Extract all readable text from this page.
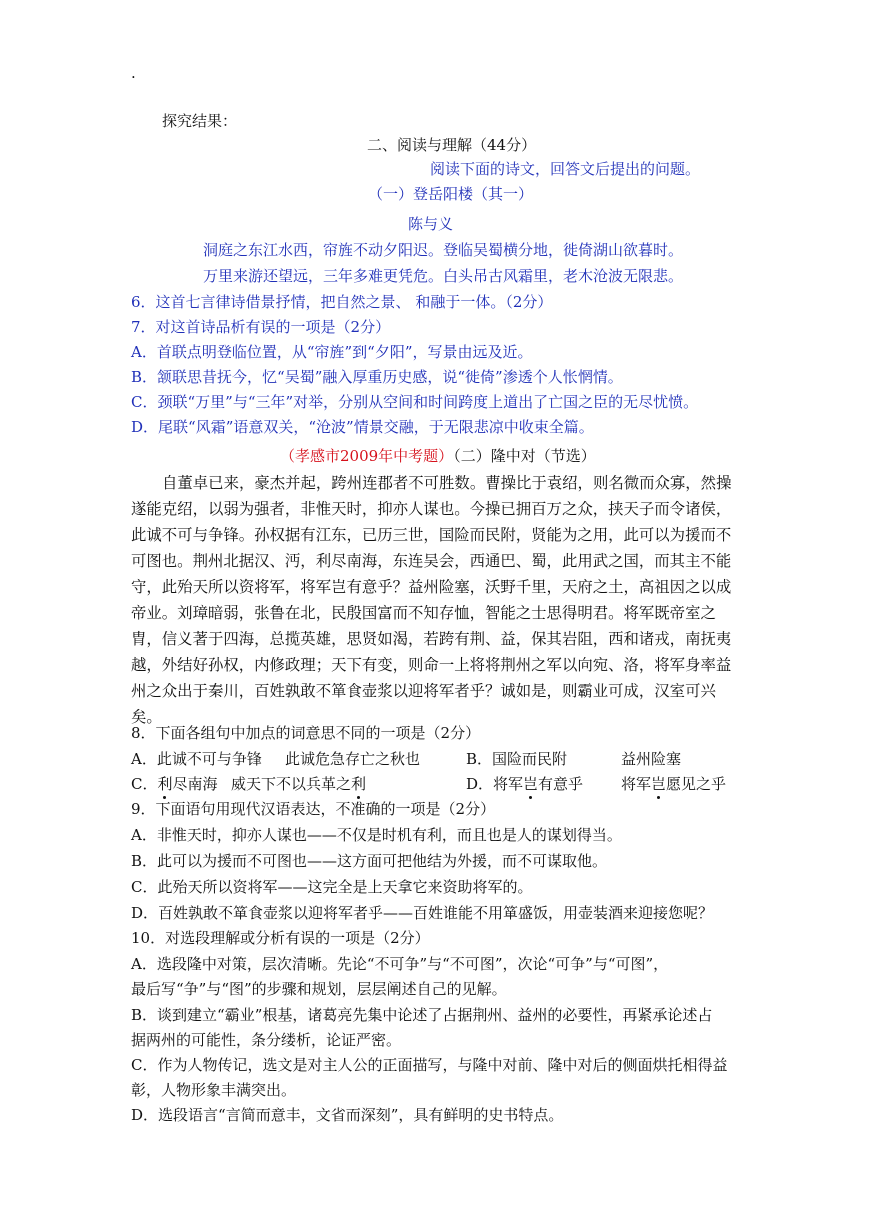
.
探究结果：
二、阅读与理解（44分）
阅读下面的诗文，回答文后提出的问题。
（一）登岳阳楼（其一）
陈与义
洞庭之东江水西，帘旌不动夕阳迟。登临吴蜀横分地，徙倚湖山欲暮时。
万里来游还望远，三年多难更凭危。白头吊古风霜里，老木沧波无限悲。
6．这首七言律诗借景抒情，把自然之景、 和融于一体。（2分）
7．对这首诗品析有误的一项是（2分）
A．首联点明登临位置，从“帘旌”到“夕阳”，写景由远及近。
B．颔联思昔抚今，忆“吴蜀”融入厚重历史感，说“徙倚”渗透个人怅惘情。
C．颈联“万里”与“三年”对举，分别从空间和时间跨度上道出了亡国之臣的无尽忧愤。
D．尾联“风霜”语意双关，“沧波”情景交融，于无限悲凉中收束全篇。
（孝感市2009年中考题）（二）隆中对（节选）
自董卓已来，豪杰并起，跨州连郡者不可胜数。曹操比于袁绍，则名微而众寡，然操
遂能克绍，以弱为强者，非惟天时，抑亦人谋也。今操已拥百万之众，挟天子而令诸侯，
此诚不可与争锋。孙权据有江东，已历三世，国险而民附，贤能为之用，此可以为援而不
可图也。荆州北据汉、沔，利尽南海，东连吴会，西通巴、蜀，此用武之国，而其主不能
守，此殆天所以资将军，将军岂有意乎？益州险塞，沃野千里，天府之土，高祖因之以成
帝业。刘璋暗弱，张鲁在北，民殷国富而不知存恤，智能之士思得明君。将军既帝室之
胄，信义著于四海，总揽英雄，思贤如渴，若跨有荆、益，保其岩阻，西和诸戎，南抚夷
越，外结好孙权，内修政理；天下有变，则命一上将将荆州之军以向宛、洛，将军身率益
州之众出于秦川，百姓孰敢不箪食壶浆以迎将军者乎？诚如是，则霸业可成，汉室可兴
矣。
8．下面各组句中加点的词意思不同的一项是（2分）
A．此诚不可与争锋 此诚危急存亡之秋也	B．国险而民附	益州险塞
C．利尽南海 威天下不以兵革之利	D．将军岂有意乎	将军岂愿见之乎
9．下面语句用现代汉语表达，不准确的一项是（2分）
A．非惟天时，抑亦人谋也——不仅是时机有利，而且也是人的谋划得当。
B．此可以为援而不可图也——这方面可把他结为外援，而不可谋取他。
C．此殆天所以资将军——这完全是上天拿它来资助将军的。
D．百姓孰敢不箪食壶浆以迎将军者乎——百姓谁能不用箪盛饭，用壶装酒来迎接您呢？
10．对选段理解或分析有误的一项是（2分）
A．选段隆中对策，层次清晰。先论“不可争”与“不可图”，次论“可争”与“可图”，
最后写“争”与“图”的步骤和规划，层层阐述自己的见解。
B．谈到建立“霸业”根基，诸葛亮先集中论述了占据荆州、益州的必要性，再紧承论述占
据两州的可能性，条分缕析，论证严密。
C．作为人物传记，选文是对主人公的正面描写，与隆中对前、隆中对后的侧面烘托相得益
彰，人物形象丰满突出。
D．选段语言“言简而意丰，文省而深刻”，具有鲜明的史书特点。
